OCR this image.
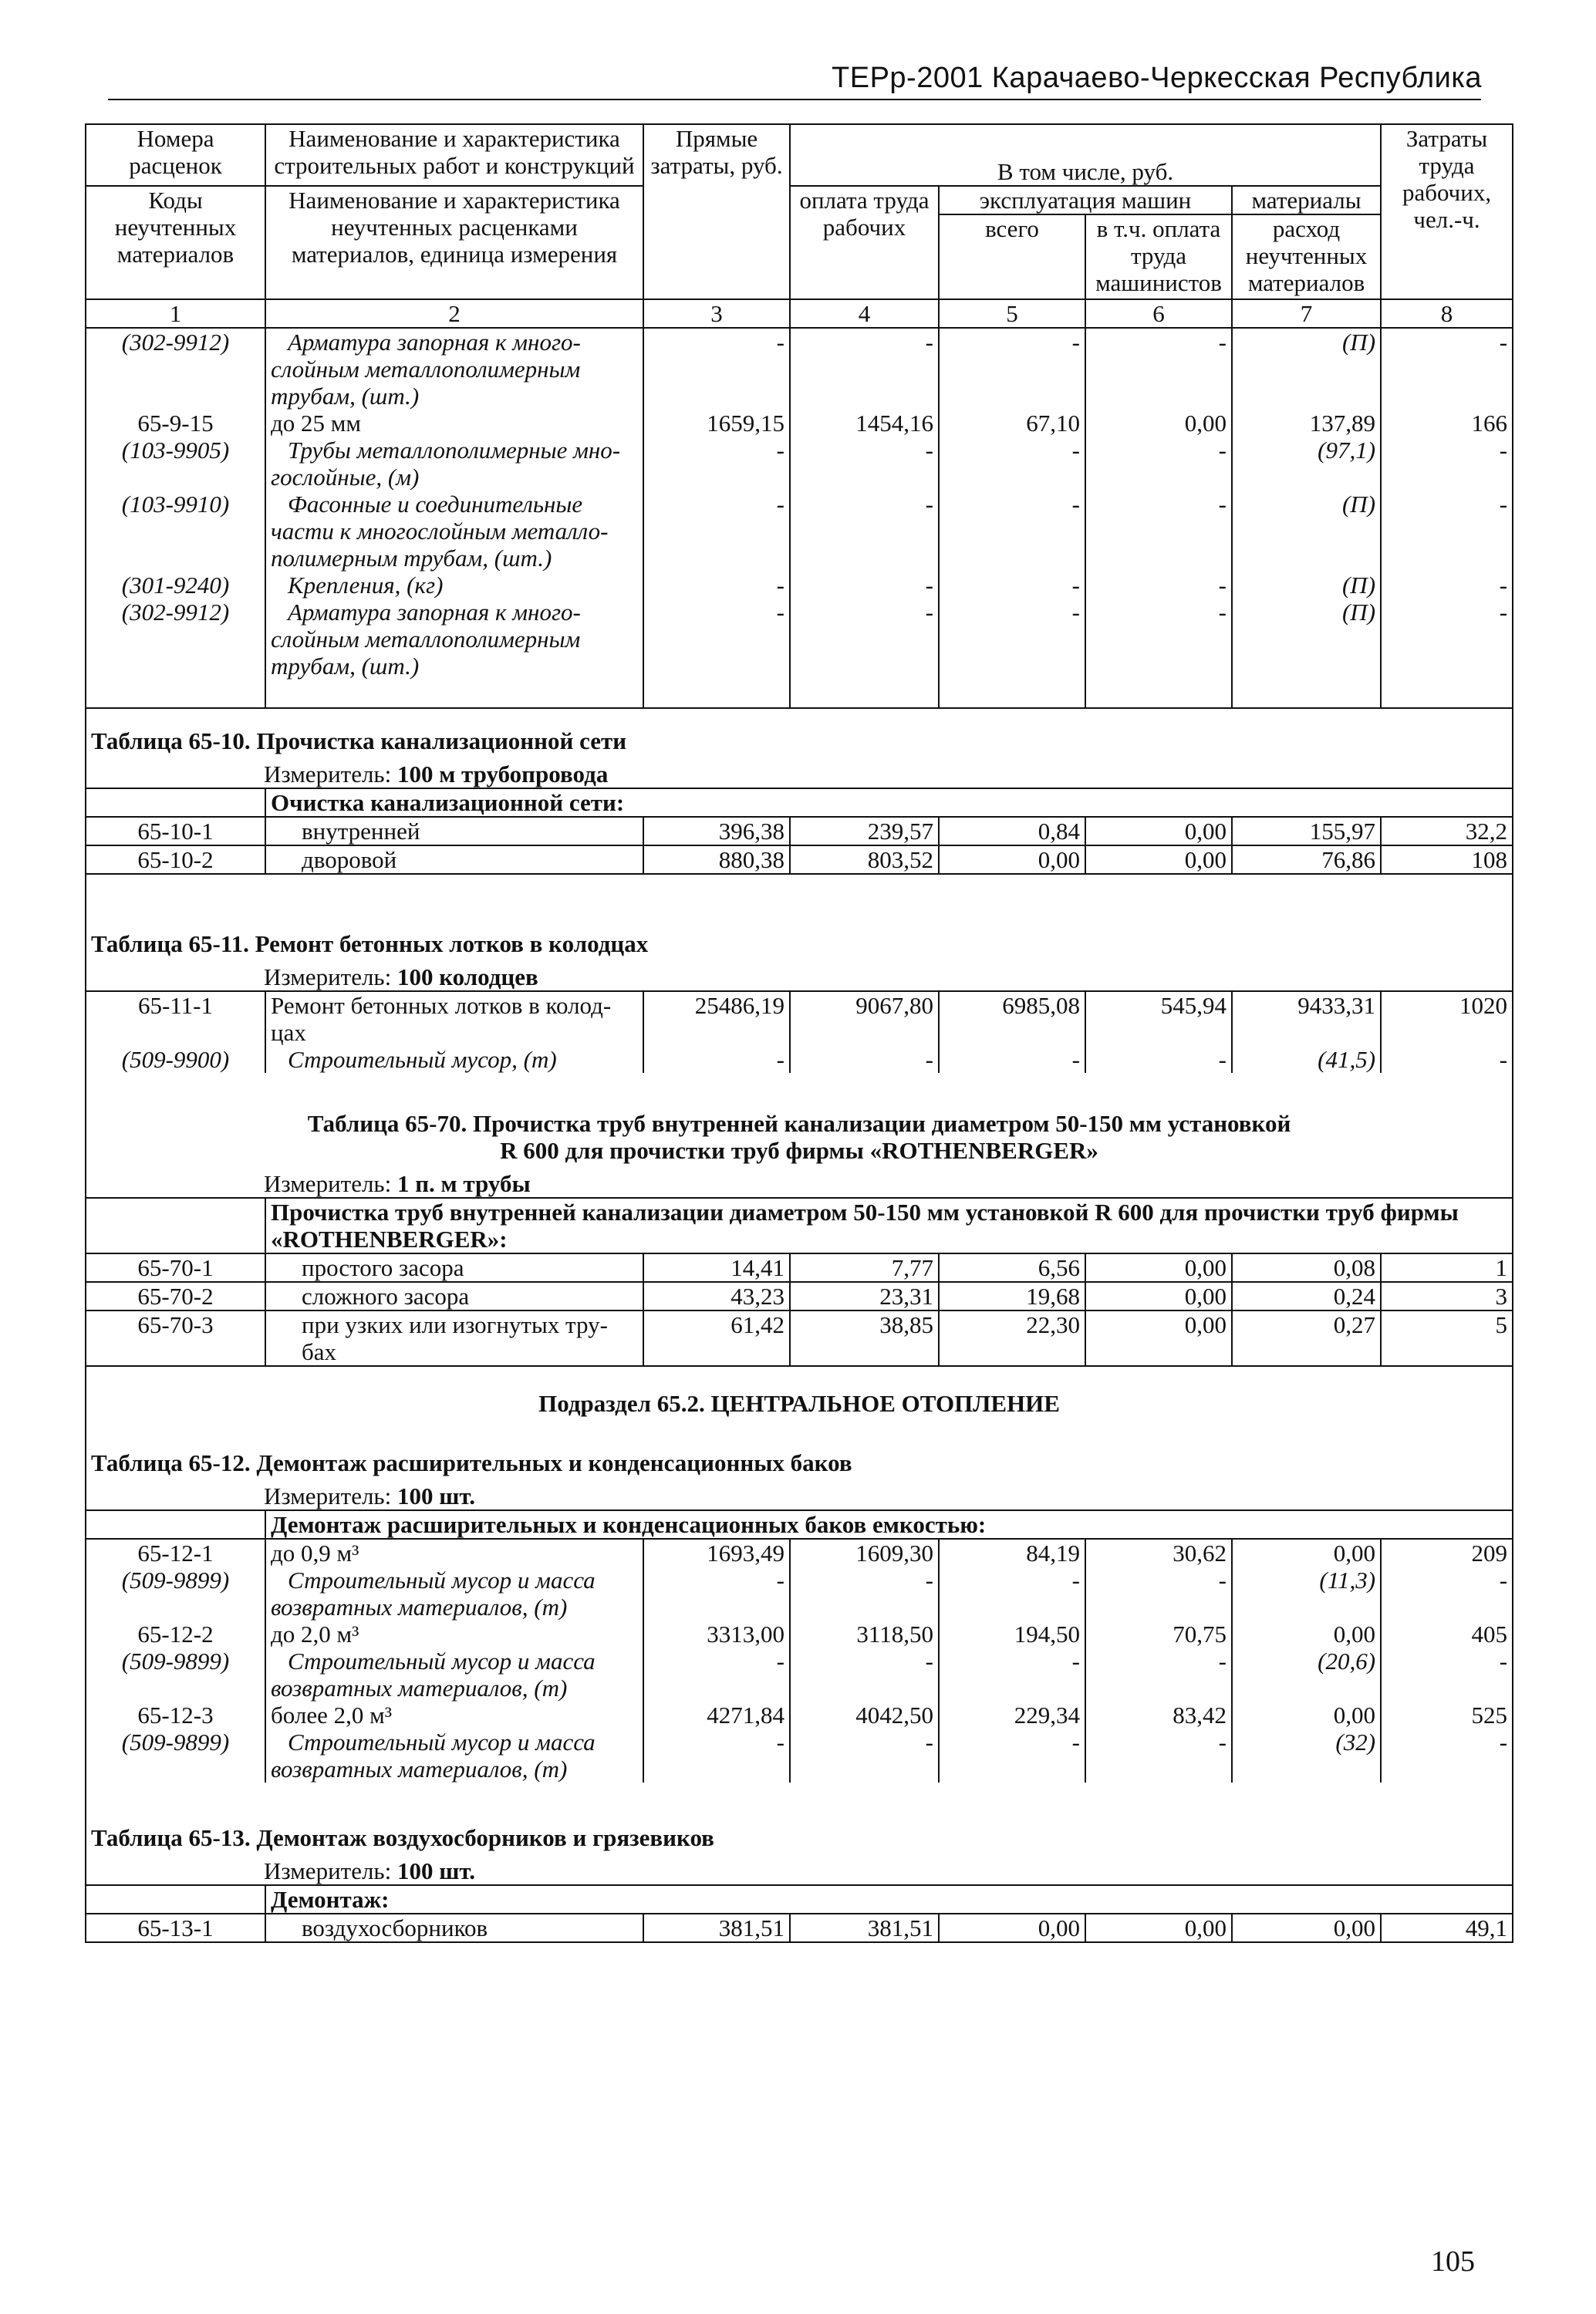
ТЕРр-2001 Карачаево-Черкесская Республика
Номера расценок	Наименование и характеристика строительных работ и конструкций	Прямые затраты, руб.	В том числе, руб.				Затраты труда рабочих, чел.-ч.
Коды неучтенных материалов	Наименование и характеристика неучтенных расценками материалов, единица измерения		оплата труда рабочих	эксплуатация машин		материалы	
				всего	в т.ч. оплата труда машинистов	расход неучтенных материалов	
1	2	3	4	5	6	7	8
(302-9912)	Арматура запорная к много-
слойным металлополимерным
трубам, (шт.)	-	-	-	-	(П)	-
65-9-15	до 25 мм	1659,15	1454,16	67,10	0,00	137,89	166
(103-9905)	Трубы металлополимерные мно-
гослойные, (м)	-	-	-	-	(97,1)	-
(103-9910)	Фасонные и соединительные
части к многослойным металло-
полимерным трубам, (шт.)	-	-	-	-	(П)	-
(301-9240)	Крепления, (кг)	-	-	-	-	(П)	-
(302-9912)	Арматура запорная к много-
слойным металлополимерным
трубам, (шт.)	-	-	-	-	(П)	-

Таблица 65-10. Прочистка канализационной сети							
Измеритель: 100 м трубопровода							
	Очистка канализационной сети:						
65-10-1	внутренней	396,38	239,57	0,84	0,00	155,97	32,2
65-10-2	дворовой	880,38	803,52	0,00	0,00	76,86	108

Таблица 65-11. Ремонт бетонных лотков в колодцах							
Измеритель: 100 колодцев							
65-11-1	Ремонт бетонных лотков в колод-
цах	25486,19	9067,80	6985,08	545,94	9433,31	1020
(509-9900)	Строительный мусор, (т)	-	-	-	-	(41,5)	-

Таблица 65-70. Прочистка труб внутренней канализации диаметром 50-150 мм установкой
R 600 для прочистки труб фирмы «ROTHENBERGER»							

Измеритель: 1 п. м трубы							
	Прочистка труб внутренней канализации диаметром 50-150 мм установкой R 600 для прочистки труб фирмы «ROTHENBERGER»:						
65-70-1	простого засора	14,41	7,77	6,56	0,00	0,08	1
65-70-2	сложного засора	43,23	23,31	19,68	0,00	0,24	3
65-70-3	при узких или изогнутых тру-
бах	61,42	38,85	22,30	0,00	0,27	5
Подраздел 65.2. ЦЕНТРАЛЬНОЕ ОТОПЛЕНИЕ							
Таблица 65-12. Демонтаж расширительных и конденсационных баков							
Измеритель: 100 шт.							
	Демонтаж расширительных и конденсационных баков емкостью:						
65-12-1	до 0,9 м³	1693,49	1609,30	84,19	30,62	0,00	209
(509-9899)	Строительный мусор и масса
возвратных материалов, (т)	-	-	-	-	(11,3)	-
65-12-2	до 2,0 м³	3313,00	3118,50	194,50	70,75	0,00	405
(509-9899)	Строительный мусор и масса
возвратных материалов, (т)	-	-	-	-	(20,6)	-
65-12-3	более 2,0 м³	4271,84	4042,50	229,34	83,42	0,00	525
(509-9899)	Строительный мусор и масса
возвратных материалов, (т)	-	-	-	-	(32)	-

Таблица 65-13. Демонтаж воздухосборников и грязевиков							
Измеритель: 100 шт.							
	Демонтаж:						
65-13-1	воздухосборников	381,51	381,51	0,00	0,00	0,00	49,1
105
